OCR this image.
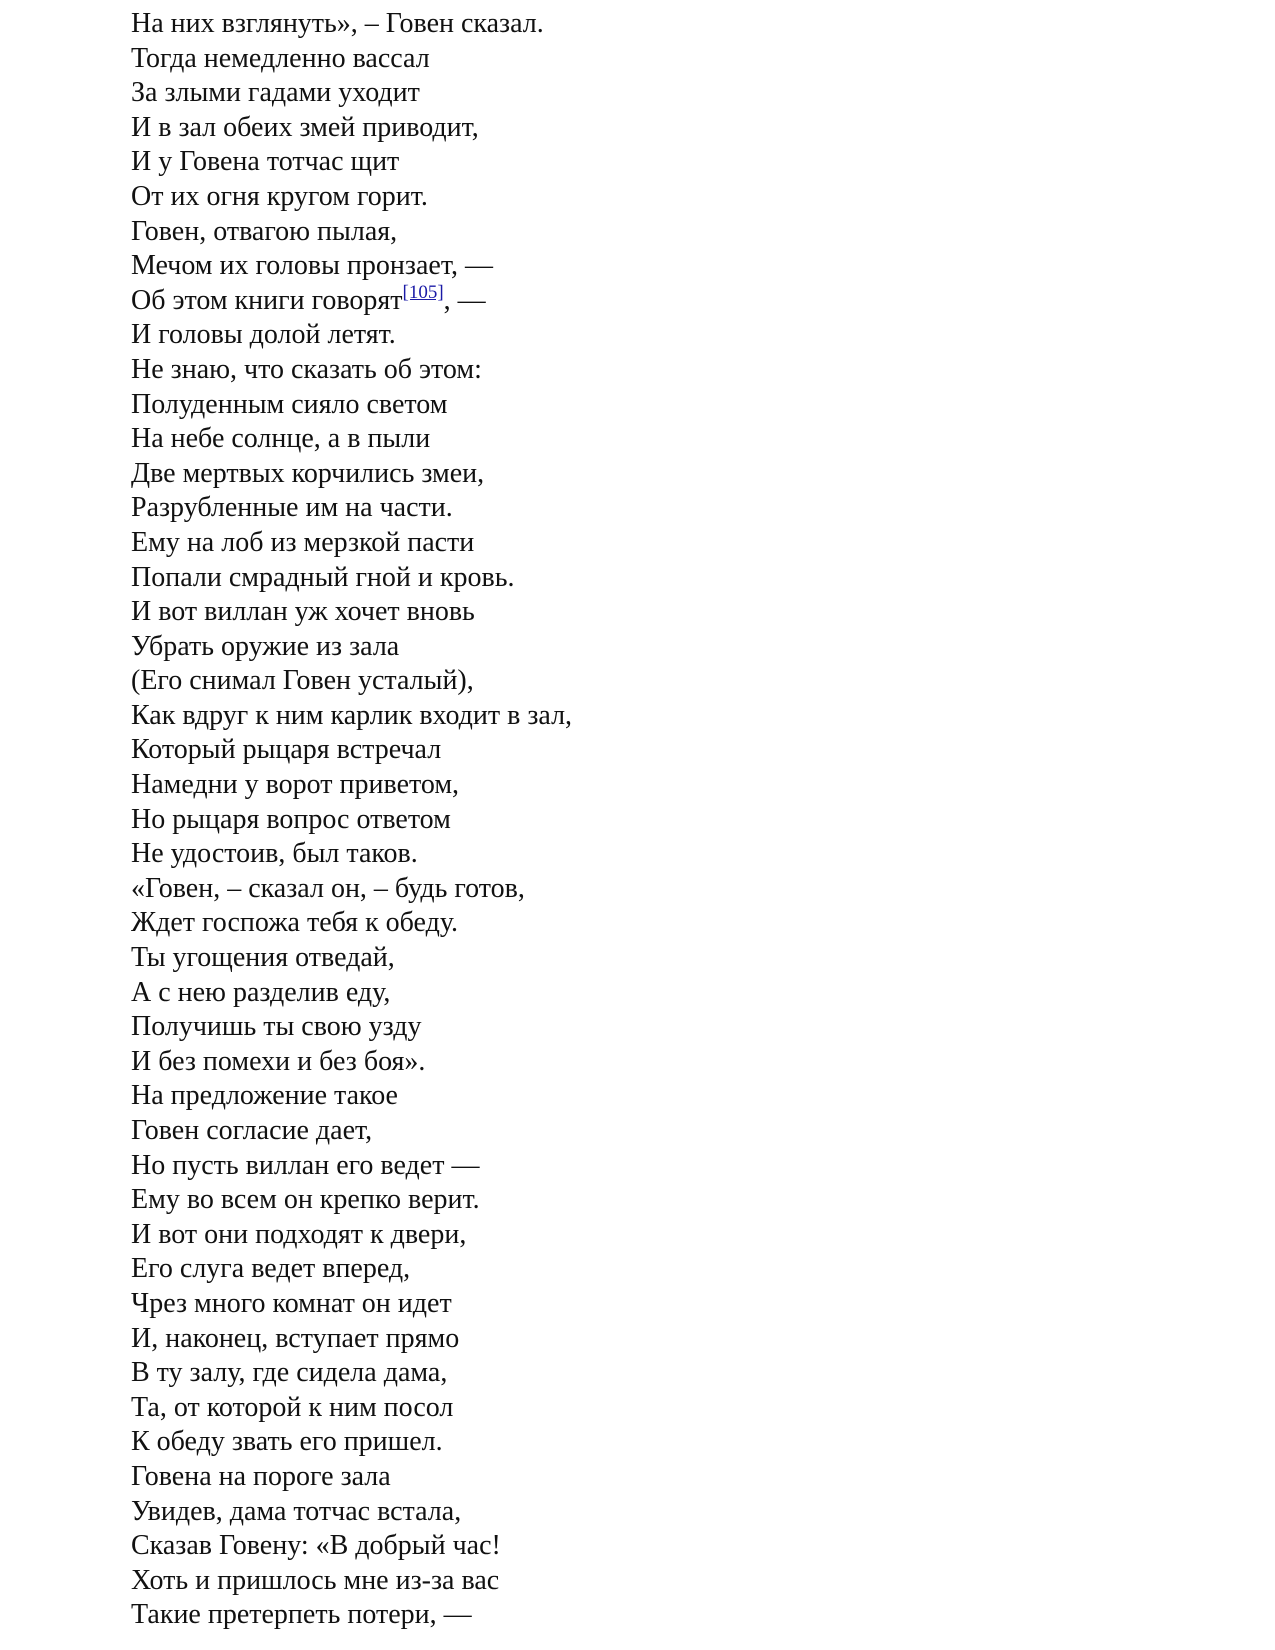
На них взглянуть», – Говен сказал.
Тогда немедленно вассал
За злыми гадами уходит
И в зал обеих змей приводит,
И у Говена тотчас щит
От их огня кругом горит.
Говен, отвагою пылая,
Мечом их головы пронзает, —
Об этом книги говорят[105], —
И головы долой летят.
Не знаю, что сказать об этом:
Полуденным сияло светом
На небе солнце, а в пыли
Две мертвых корчились змеи,
Разрубленные им на части.
Ему на лоб из мерзкой пасти
Попали смрадный гной и кровь.
И вот виллан уж хочет вновь
Убрать оружие из зала
(Его снимал Говен усталый),
Как вдруг к ним карлик входит в зал,
Который рыцаря встречал
Намедни у ворот приветом,
Но рыцаря вопрос ответом
Не удостоив, был таков.
«Говен, – сказал он, – будь готов,
Ждет госпожа тебя к обеду.
Ты угощения отведай,
А с нею разделив еду,
Получишь ты свою узду
И без помехи и без боя».
На предложение такое
Говен согласие дает,
Но пусть виллан его ведет —
Ему во всем он крепко верит.
И вот они подходят к двери,
Его слуга ведет вперед,
Чрез много комнат он идет
И, наконец, вступает прямо
В ту залу, где сидела дама,
Та, от которой к ним посол
К обеду звать его пришел.
Говена на пороге зала
Увидев, дама тотчас встала,
Сказав Говену: «В добрый час!
Хоть и пришлось мне из-за вас
Такие претерпеть потери, —
